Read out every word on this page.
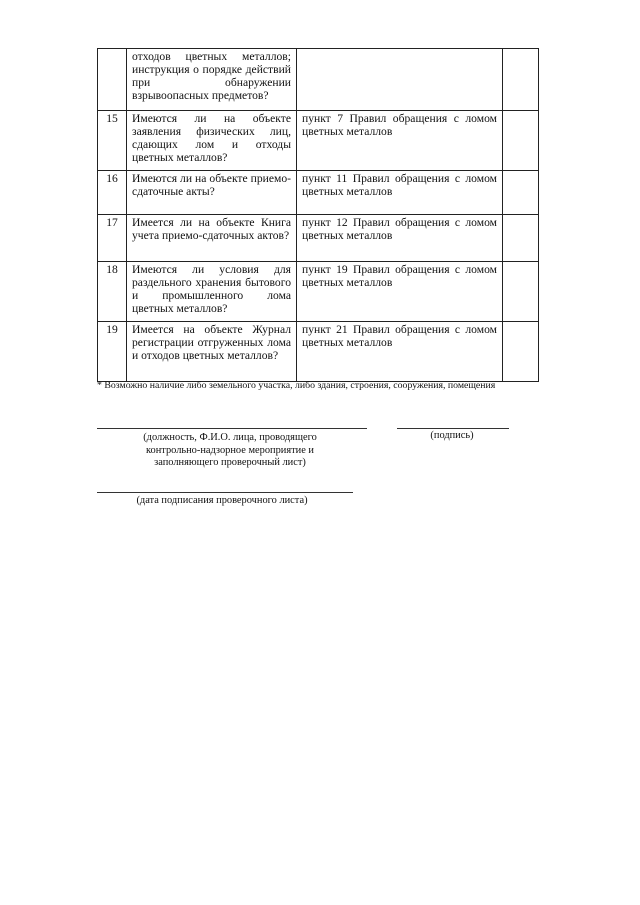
	отходов цветных металлов; инструкция о порядке действий при обнаружении взрывоопасных предметов?		
15	Имеются ли на объекте заявления физических лиц, сдающих лом и отходы цветных металлов?	пункт 7 Правил обращения с ломом цветных металлов	
16	Имеются ли на объекте приемо-сдаточные акты?	пункт 11 Правил обращения с ломом цветных металлов	
17	Имеется ли на объекте Книга учета приемо-сдаточных актов?	пункт 12 Правил обращения с ломом цветных металлов	
18	Имеются ли условия для раздельного хранения бытового и промышленного лома цветных металлов?	пункт 19 Правил обращения с ломом цветных металлов	
19	Имеется на объекте Журнал регистрации отгруженных лома и отходов цветных металлов?	пункт 21 Правил обращения с ломом цветных металлов	
* Возможно наличие либо земельного участка, либо здания, строения, сооружения, помещения
(должность, Ф.И.О. лица, проводящего
контрольно-надзорное мероприятие и
заполняющего проверочный лист)
(подпись)
(дата подписания проверочного листа)
